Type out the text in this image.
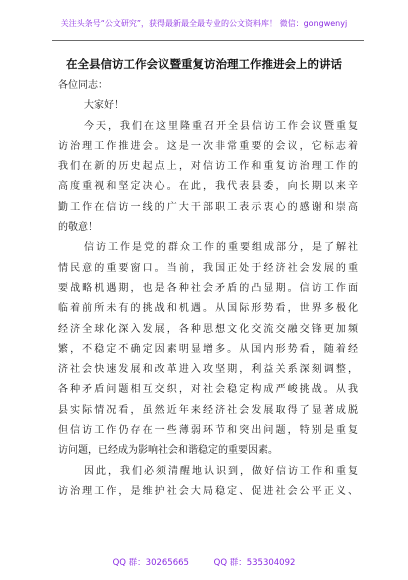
关注头条号“公文研究”，获得最新最全最专业的公文资料库！ 微信：gongwenyj
在全县信访工作会议暨重复访治理工作推进会上的讲话
各位同志：
大家好！
今天，我们在这里隆重召开全县信访工作会议暨重复
访治理工作推进会。这是一次非常重要的会议，它标志着
我们在新的历史起点上，对信访工作和重复访治理工作的
高度重视和坚定决心。在此，我代表县委，向长期以来辛
勤工作在信访一线的广大干部职工表示衷心的感谢和崇高
的敬意！
信访工作是党的群众工作的重要组成部分，是了解社
情民意的重要窗口。当前，我国正处于经济社会发展的重
要战略机遇期，也是各种社会矛盾的凸显期。信访工作面
临着前所未有的挑战和机遇。从国际形势看，世界多极化
经济全球化深入发展，各种思想文化交流交融交锋更加频
繁，不稳定不确定因素明显增多。从国内形势看，随着经
济社会快速发展和改革进入攻坚期，利益关系深刻调整，
各种矛盾问题相互交织，对社会稳定构成严峻挑战。从我
县实际情况看，虽然近年来经济社会发展取得了显著成脱
但信访工作仍存在一些薄弱环节和突出问题，特别是重复
访问题，已经成为影响社会和谐稳定的重要因素。
因此，我们必须清醒地认识到，做好信访工作和重复
访治理工作，是维护社会大局稳定、促进社会公平正义、
QQ 群：30265665	QQ 群：535304092
